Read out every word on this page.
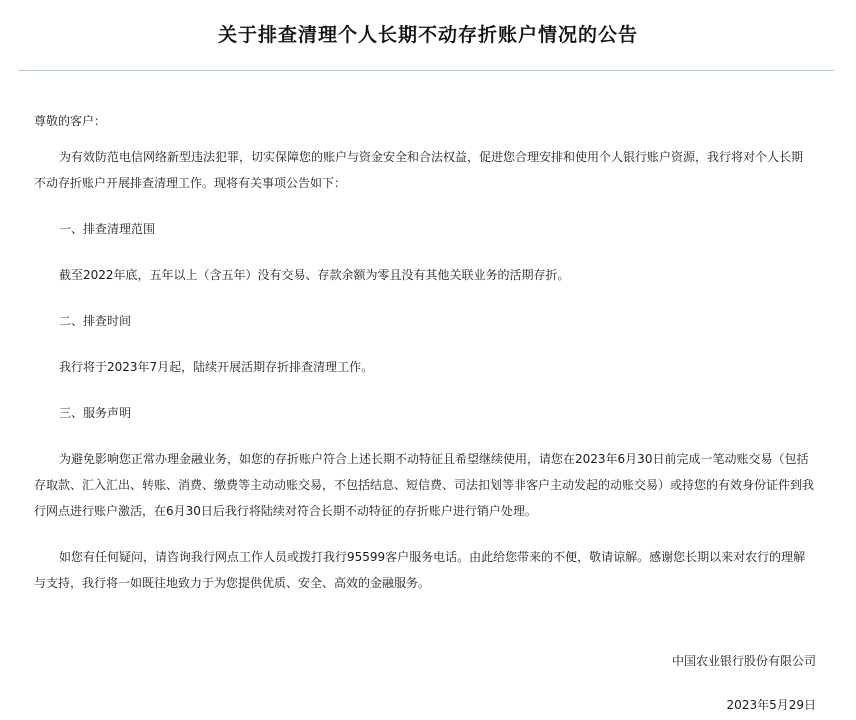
关于排查清理个人长期不动存折账户情况的公告

尊敬的客户：

为有效防范电信网络新型违法犯罪，切实保障您的账户与资金安全和合法权益，促进您合理安排和使用个人银行账户资源，我行将对个人长期不动存折账户开展排查清理工作。现将有关事项公告如下：

一、排查清理范围

截至2022年底，五年以上（含五年）没有交易、存款余额为零且没有其他关联业务的活期存折。

二、排查时间

我行将于2023年7月起，陆续开展活期存折排查清理工作。

三、服务声明

为避免影响您正常办理金融业务，如您的存折账户符合上述长期不动特征且希望继续使用，请您在2023年6月30日前完成一笔动账交易（包括存取款、汇入汇出、转账、消费、缴费等主动动账交易，不包括结息、短信费、司法扣划等非客户主动发起的动账交易）或持您的有效身份证件到我行网点进行账户激活，在6月30日后我行将陆续对符合长期不动特征的存折账户进行销户处理。

如您有任何疑问，请咨询我行网点工作人员或拨打我行95599客户服务电话。由此给您带来的不便，敬请谅解。感谢您长期以来对农行的理解与支持，我行将一如既往地致力于为您提供优质、安全、高效的金融服务。

中国农业银行股份有限公司
2023年5月29日
